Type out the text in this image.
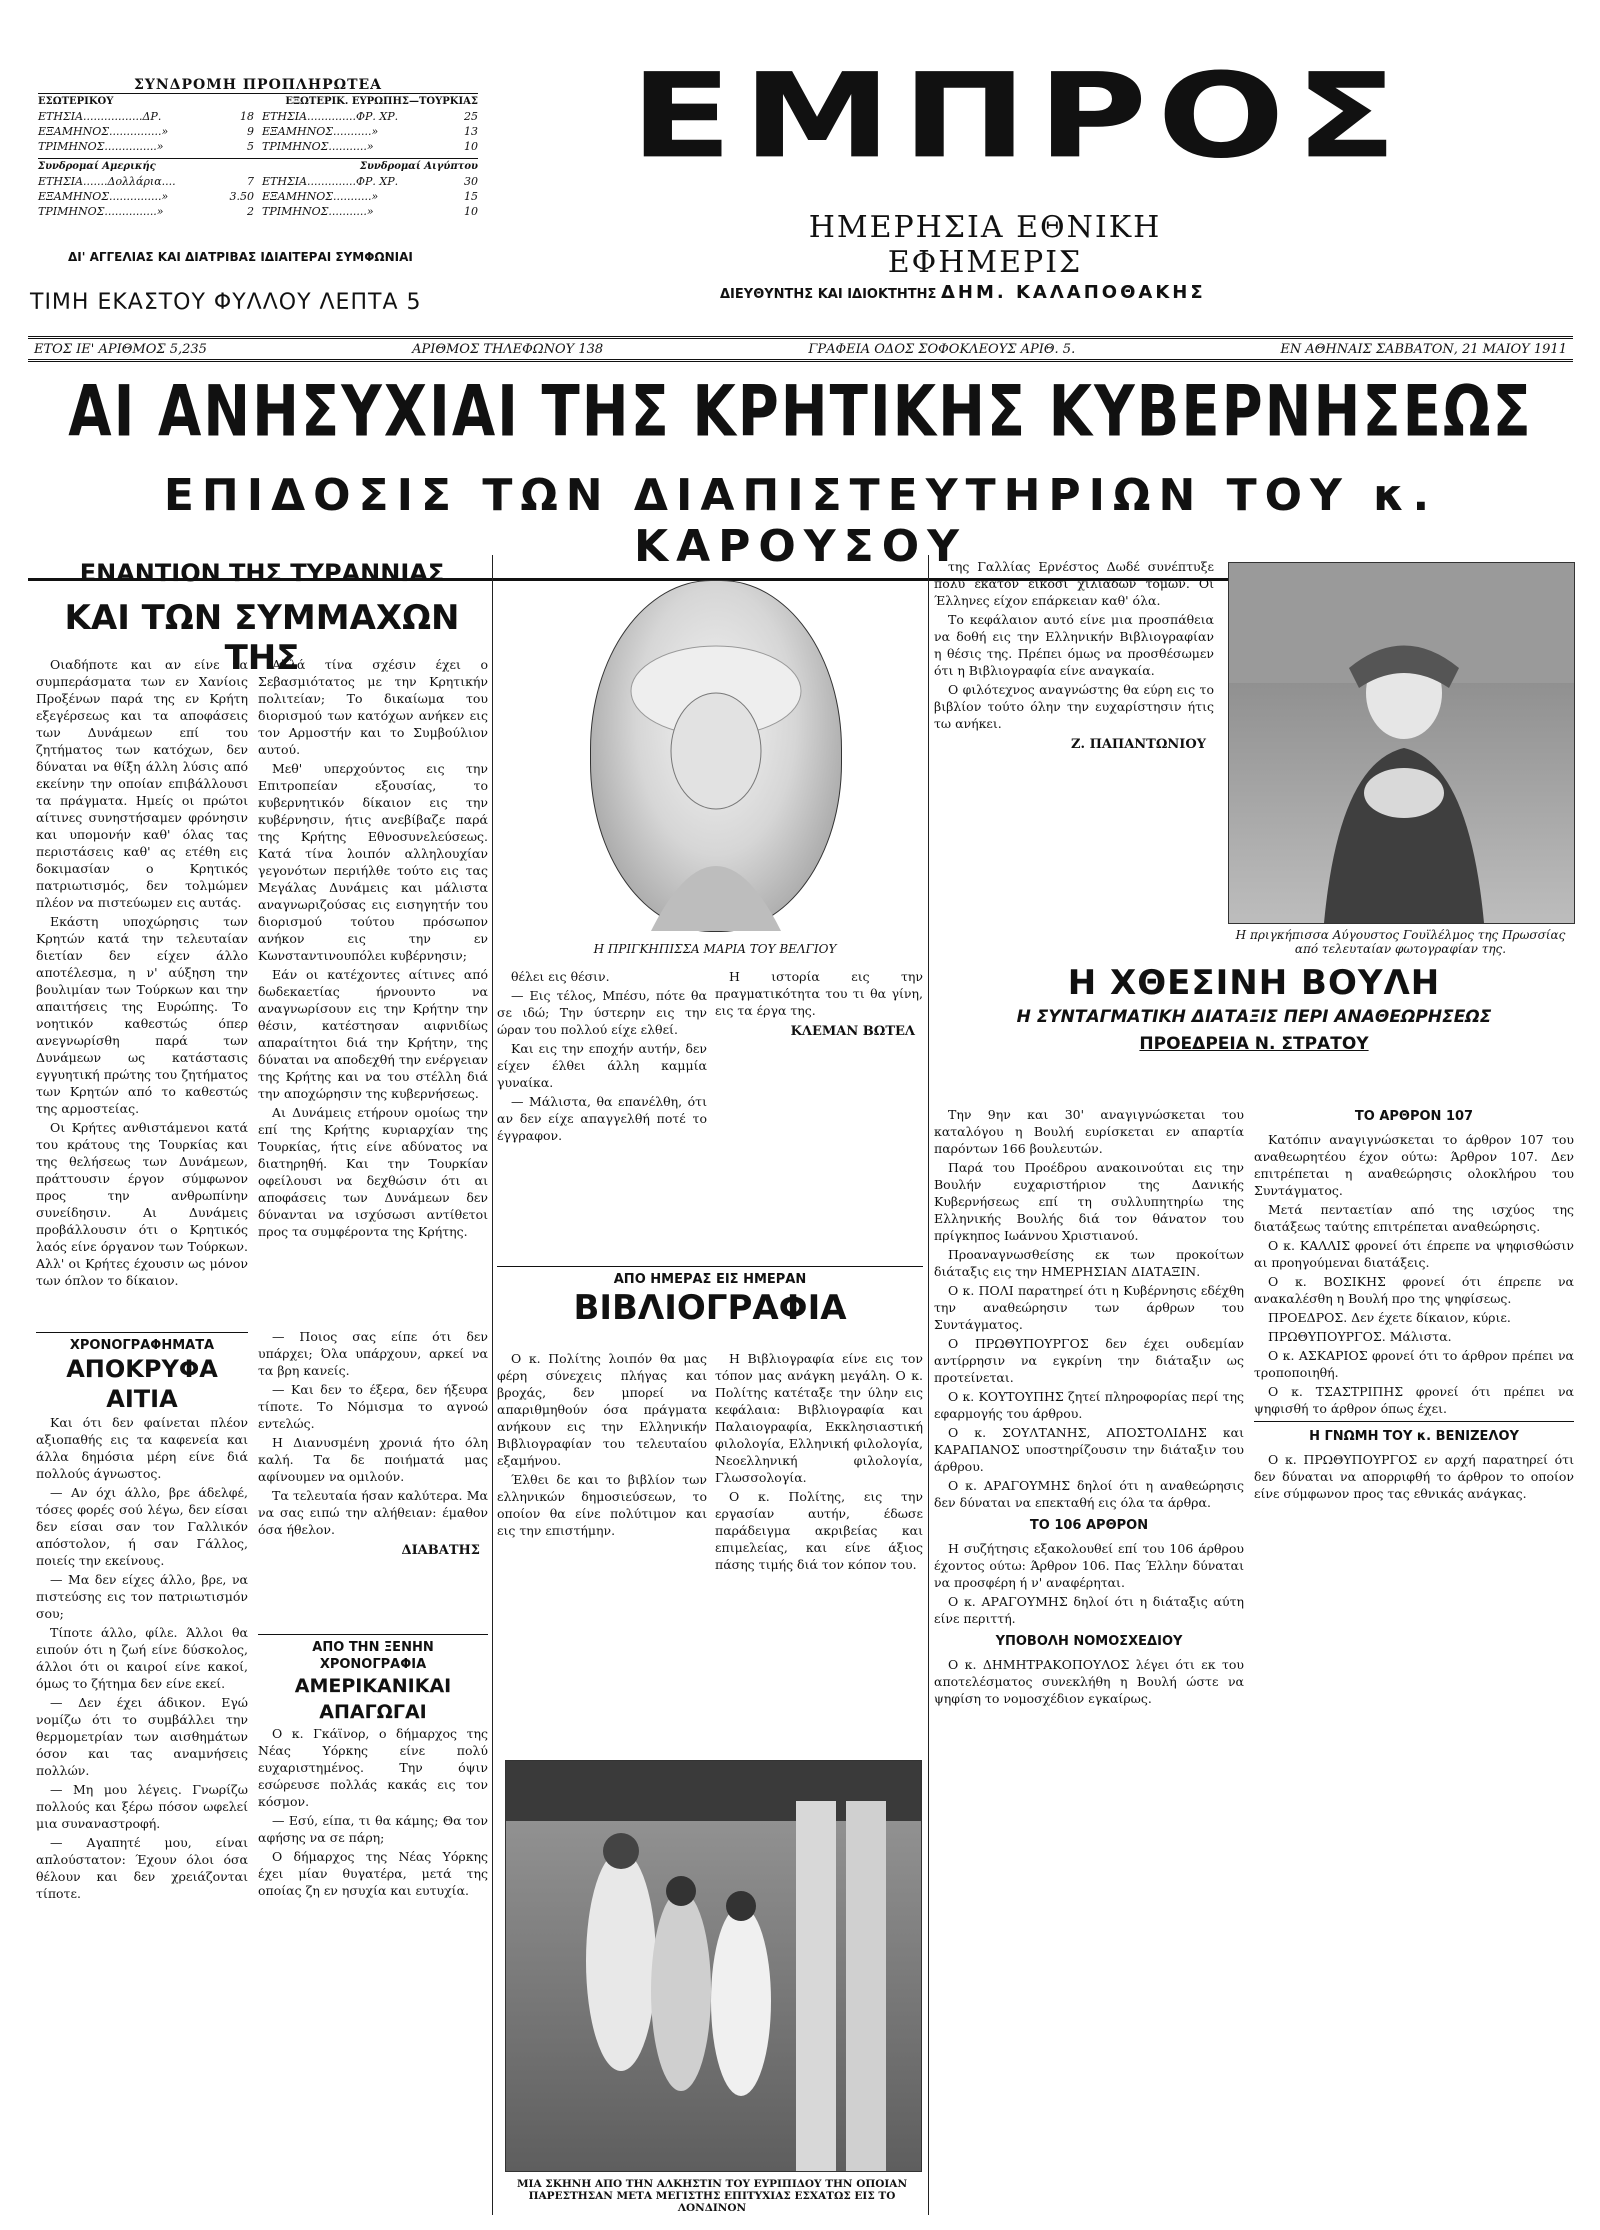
ΣΥΝΔΡΟΜΗ ΠΡΟΠΛΗΡΩΤΕΑ
ΕΣΩΤΕΡΙΚΟΥ	ΕΞΩΤΕΡΙΚ. ΕΥΡΩΠΗΣ—ΤΟΥΡΚΙΑΣ
ΕΤΗΣΙΑ.................ΔΡ.	18 ΕΤΗΣΙΑ..............ΦΡ. ΧΡ.	25
ΕΞΑΜΗΝΟΣ...............»	9 ΕΞΑΜΗΝΟΣ...........»	13
ΤΡΙΜΗΝΟΣ...............»	5 ΤΡΙΜΗΝΟΣ...........»	10
Συνδρομαί Αμερικής	Συνδρομαί Αιγύπτου
ΕΤΗΣΙΑ.......Δολλάρια....	7 ΕΤΗΣΙΑ..............ΦΡ. ΧΡ.	30
ΕΞΑΜΗΝΟΣ...............»	3.50 ΕΞΑΜΗΝΟΣ...........»	15
ΤΡΙΜΗΝΟΣ...............»	2 ΤΡΙΜΗΝΟΣ...........»	10
ΔΙ' ΑΓΓΕΛΙΑΣ ΚΑΙ ΔΙΑΤΡΙΒΑΣ ΙΔΙΑΙΤΕΡΑΙ ΣΥΜΦΩΝΙΑΙ
ΤΙΜΗ ΕΚΑΣΤΟΥ ΦΥΛΛΟΥ ΛΕΠΤΑ 5
ΕΜΠΡΟΣ
ΗΜΕΡΗΣΙΑ ΕΘΝΙΚΗ ΕΦΗΜΕΡΙΣ
ΔΙΕΥΘΥΝΤΗΣ ΚΑΙ ΙΔΙΟΚΤΗΤΗΣ ΔΗΜ. ΚΑΛΑΠΟΘΑΚΗΣ
ΕΤΟΣ ΙΕ' ΑΡΙΘΜΟΣ 5,235	ΑΡΙΘΜΟΣ ΤΗΛΕΦΩΝΟΥ 138	ΓΡΑΦΕΙΑ ΟΔΟΣ ΣΟΦΟΚΛΕΟΥΣ ΑΡΙΘ. 5.	ΕΝ ΑΘΗΝΑΙΣ ΣΑΒΒΑΤΟΝ, 21 ΜΑΙΟΥ 1911
ΑΙ ΑΝΗΣΥΧΙΑΙ ΤΗΣ ΚΡΗΤΙΚΗΣ ΚΥΒΕΡΝΗΣΕΩΣ
ΕΠΙΔΟΣΙΣ ΤΩΝ ΔΙΑΠΙΣΤΕΥΤΗΡΙΩΝ ΤΟΥ κ. ΚΑΡΟΥΣΟΥ
ΕΝΑΝΤΙΟΝ ΤΗΣ ΤΥΡΑΝΝΙΑΣ
ΚΑΙ ΤΩΝ ΣΥΜΜΑΧΩΝ ΤΗΣ

Οιαδήποτε και αν είνε τα συμπεράσματα των εν Χανίοις Προξένων παρά της εν Κρήτη εξεγέρσεως και τα αποφάσεις των Δυνάμεων επί του ζητήματος των κατόχων, δεν δύναται να θίξη άλλη λύσις από εκείνην την οποίαν επιβάλλουσι τα πράγματα. Ημείς οι πρώτοι αίτινες συνηστήσαμεν φρόνησιν και υπομονήν καθ' όλας τας περιστάσεις καθ' ας ετέθη εις δοκιμασίαν ο Κρητικός πατριωτισμός, δεν τολμώμεν πλέον να πιστεύωμεν εις αυτάς.

Εκάστη υποχώρησις των Κρητών κατά την τελευταίαν διετίαν δεν είχεν άλλο αποτέλεσμα, η ν' αύξηση την βουλιμίαν των Τούρκων και την απαιτήσεις της Ευρώπης. Το νοητικόν καθεστώς όπερ ανεγνωρίσθη παρά των Δυνάμεων ως κατάστασις εγγυητική πρώτης του ζητήματος των Κρητών από το καθεστώς της αρμοστείας.

Οι Κρήτες ανθιστάμενοι κατά του κράτους της Τουρκίας και της θελήσεως των Δυνάμεων, πράττουσιν έργον σύμφωνον προς την ανθρωπίνην συνείδησιν. Αι Δυνάμεις προβάλλουσιν ότι ο Κρητικός λαός είνε όργανον των Τούρκων. Αλλ' οι Κρήτες έχουσιν ως μόνον των όπλον το δίκαιον.

Αλλά τίνα σχέσιν έχει ο Σεβασμιότατος με την Κρητικήν πολιτείαν; Το δικαίωμα του διορισμού των κατόχων ανήκεν εις τον Αρμοστήν και το Συμβούλιον αυτού.

Μεθ' υπερχούντος εις την Επιτροπείαν εξουσίας, το κυβερνητικόν δίκαιον εις την κυβέρνησιν, ήτις ανεβίβαζε παρά της Κρήτης Εθνοσυνελεύσεως. Κατά τίνα λοιπόν αλληλουχίαν γεγονότων περιήλθε τούτο εις τας Μεγάλας Δυνάμεις και μάλιστα αναγνωριζούσας εις εισηγητήν του διορισμού τούτου πρόσωπον ανήκον εις την εν Κωνσταντινουπόλει κυβέρνησιν;

Εάν οι κατέχοντες αίτινες από δωδεκαετίας ήρνουντο να αναγνωρίσουν εις την Κρήτην την θέσιν, κατέστησαν αιφνιδίως απαραίτητοι διά την Κρήτην, της δύναται να αποδεχθή την ενέργειαν της Κρήτης και να του στέλλη διά την αποχώρησιν της κυβερνήσεως.

Αι Δυνάμεις ετήρουν ομοίως την επί της Κρήτης κυριαρχίαν της Τουρκίας, ήτις είνε αδύνατος να διατηρηθή. Και την Τουρκίαν οφείλουσι να δεχθώσιν ότι αι αποφάσεις των Δυνάμεων δεν δύνανται να ισχύσωσι αντίθετοι προς τα συμφέροντα της Κρήτης.

ΧΡΟΝΟΓΡΑΦΗΜΑΤΑ
ΑΠΟΚΡΥΦΑ ΑΙΤΙΑ

Και ότι δεν φαίνεται πλέον αξιοπαθής εις τα καφενεία και άλλα δημόσια μέρη είνε διά πολλούς άγνωστος.

— Αν όχι άλλο, βρε άδελφέ, τόσες φορές σού λέγω, δεν είσαι δεν είσαι σαν τον Γαλλικόν απόστολον, ή σαν Γάλλος, ποιείς την εκείνους.

— Μα δεν είχες άλλο, βρε, να πιστεύσης εις τον πατριωτισμόν σου;

Τίποτε άλλο, φίλε. Άλλοι θα ειπούν ότι η ζωή είνε δύσκολος, άλλοι ότι οι καιροί είνε κακοί, όμως το ζήτημα δεν είνε εκεί.

— Δεν έχει άδικον. Εγώ νομίζω ότι το συμβάλλει την θερμομετρίαν των αισθημάτων όσον και τας αναμνήσεις πολλών.

— Μη μου λέγεις. Γνωρίζω πολλούς και ξέρω πόσον ωφελεί μια συναναστροφή.

— Αγαπητέ μου, είναι απλούστατον: Έχουν όλοι όσα θέλουν και δεν χρειάζονται τίποτε.

— Ποιος σας είπε ότι δεν υπάρχει; Όλα υπάρχουν, αρκεί να τα βρη κανείς.

— Και δεν το έξερα, δεν ήξευρα τίποτε. Το Νόμισμα το αγνοώ εντελώς.

Η Διανυσμένη χρονιά ήτο όλη καλή. Τα δε ποιήματά μας αφίνουμεν να ομιλούν.

Τα τελευταία ήσαν καλύτερα. Μα να σας ειπώ την αλήθειαν: έμαθον όσα ήθελον.

ΔΙΑΒΑΤΗΣ
ΑΠΟ ΤΗΝ ΞΕΝΗΝ ΧΡΟΝΟΓΡΑΦΙΑ
ΑΜΕΡΙΚΑΝΙΚΑΙ ΑΠΑΓΩΓΑΙ

Ο κ. Γκάϊνορ, ο δήμαρχος της Νέας Υόρκης είνε πολύ ευχαριστημένος. Την όψιν εσώρευσε πολλάς κακάς εις τον κόσμον.

— Εσύ, είπα, τι θα κάμης; Θα τον αφήσης να σε πάρη;

Ο δήμαρχος της Νέας Υόρκης έχει μίαν θυγατέρα, μετά της οποίας ζη εν ησυχία και ευτυχία.

Η ΠΡΙΓΚΗΠΙΣΣΑ ΜΑΡΙΑ ΤΟΥ ΒΕΛΓΙΟΥ

θέλει εις θέσιν.

— Εις τέλος, Μπέσυ, πότε θα σε ιδώ; Την ύστερην εις την ώραν του πολλού είχε ελθεί.

Και εις την εποχήν αυτήν, δεν είχεν έλθει άλλη καμμία γυναίκα.

— Μάλιστα, θα επανέλθη, ότι αν δεν είχε απαγγελθή ποτέ το έγγραφον.

Η ιστορία εις την πραγματικότητα του τι θα γίνη, εις τα έργα της.

ΚΛΕΜΑΝ ΒΩΤΕΛ
ΑΠΟ ΗΜΕΡΑΣ ΕΙΣ ΗΜΕΡΑΝ
ΒΙΒΛΙΟΓΡΑΦΙΑ

Ο κ. Πολίτης λοιπόν θα μας φέρη σύνεχεις πλήγας και βροχάς, δεν μπορεί να απαριθμηθούν όσα πράγματα ανήκουν εις την Ελληνικήν Βιβλιογραφίαν του τελευταίου εξαμήνου.

Έλθει δε και το βιβλίον των ελληνικών δημοσιεύσεων, το οποίον θα είνε πολύτιμον και εις την επιστήμην.

Η Βιβλιογραφία είνε εις τον τόπον μας ανάγκη μεγάλη. Ο κ. Πολίτης κατέταξε την ύλην εις κεφάλαια: Βιβλιογραφία και Παλαιογραφία, Εκκλησιαστική φιλολογία, Ελληνική φιλολογία, Νεοελληνική φιλολογία, Γλωσσολογία.

Ο κ. Πολίτης, εις την εργασίαν αυτήν, έδωσε παράδειγμα ακριβείας και επιμελείας, και είνε άξιος πάσης τιμής διά τον κόπον του.

ΜΙΑ ΣΚΗΝΗ ΑΠΟ ΤΗΝ ΑΛΚΗΣΤΙΝ ΤΟΥ ΕΥΡΙΠΙΔΟΥ ΤΗΝ ΟΠΟΙΑΝ ΠΑΡΕΣΤΗΣΑΝ ΜΕΤΑ ΜΕΓΙΣΤΗΣ ΕΠΙΤΥΧΙΑΣ ΕΣΧΑΤΩΣ ΕΙΣ ΤΟ ΛΟΝΔΙΝΟΝ

της Γαλλίας Ερνέστος Δωδέ συνέπτυξε πολύ εκατόν είκοσι χιλιάδων τόμων. Οι Έλληνες είχον επάρκειαν καθ' όλα.

Το κεφάλαιον αυτό είνε μια προσπάθεια να δοθή εις την Ελληνικήν Βιβλιογραφίαν η θέσις της. Πρέπει όμως να προσθέσωμεν ότι η Βιβλιογραφία είνε αναγκαία.

Ο φιλότεχνος αναγνώστης θα εύρη εις το βιβλίον τούτο όλην την ευχαρίστησιν ήτις τω ανήκει.

Ζ. ΠΑΠΑΝΤΩΝΙΟΥ
Η πριγκήπισσα Αύγουστος Γουϊλέλμος της Πρωσσίας από τελευταίαν φωτογραφίαν της.
Η ΧΘΕΣΙΝΗ ΒΟΥΛΗ
Η ΣΥΝΤΑΓΜΑΤΙΚΗ ΔΙΑΤΑΞΙΣ ΠΕΡΙ ΑΝΑΘΕΩΡΗΣΕΩΣ
ΠΡΟΕΔΡΕΙΑ Ν. ΣΤΡΑΤΟΥ

Την 9ην και 30' αναγιγνώσκεται του καταλόγου η Βουλή ευρίσκεται εν απαρτία παρόντων 166 βουλευτών.

Παρά του Προέδρου ανακοινούται εις την Βουλήν ευχαριστήριον της Δανικής Κυβερνήσεως επί τη συλλυπητηρίω της Ελληνικής Βουλής διά τον θάνατον του πρίγκηπος Ιωάννου Χριστιανού.

Προαναγνωσθείσης εκ των προκοίτων διάταξις εις την ΗΜΕΡΗΣΙΑΝ ΔΙΑΤΑΞΙΝ.

Ο κ. ΠΟΛΙ παρατηρεί ότι η Κυβέρνησις εδέχθη την αναθεώρησιν των άρθρων του Συντάγματος.

Ο ΠΡΩΘΥΠΟΥΡΓΟΣ δεν έχει ουδεμίαν αντίρρησιν να εγκρίνη την διάταξιν ως προτείνεται.

Ο κ. ΚΟΥΤΟΥΠΗΣ ζητεί πληροφορίας περί της εφαρμογής του άρθρου.

Ο κ. ΣΟΥΛΤΑΝΗΣ, ΑΠΟΣΤΟΛΙΔΗΣ και ΚΑΡΑΠΑΝΟΣ υποστηρίζουσιν την διάταξιν του άρθρου.

Ο κ. ΑΡΑΓΟΥΜΗΣ δηλοί ότι η αναθεώρησις δεν δύναται να επεκταθή εις όλα τα άρθρα.

ΤΟ 106 ΑΡΘΡΟΝ

Η συζήτησις εξακολουθεί επί του 106 άρθρου έχοντος ούτω: Άρθρον 106. Πας Έλλην δύναται να προσφέρη ή ν' αναφέρηται.

Ο κ. ΑΡΑΓΟΥΜΗΣ δηλοί ότι η διάταξις αύτη είνε περιττή.

ΥΠΟΒΟΛΗ ΝΟΜΟΣΧΕΔΙΟΥ

Ο κ. ΔΗΜΗΤΡΑΚΟΠΟΥΛΟΣ λέγει ότι εκ του αποτελέσματος συνεκλήθη η Βουλή ώστε να ψηφίση το νομοσχέδιον εγκαίρως.

ΤΟ ΑΡΘΡΟΝ 107

Κατόπιν αναγιγνώσκεται το άρθρον 107 του αναθεωρητέου έχον ούτω: Άρθρον 107. Δεν επιτρέπεται η αναθεώρησις ολοκλήρου του Συντάγματος.

Μετά πενταετίαν από της ισχύος της διατάξεως ταύτης επιτρέπεται αναθεώρησις.

Ο κ. ΚΑΛΛΙΣ φρονεί ότι έπρεπε να ψηφισθώσιν αι προηγούμεναι διατάξεις.

Ο κ. ΒΟΣΙΚΗΣ φρονεί ότι έπρεπε να ανακαλέσθη η Βουλή προ της ψηφίσεως.

ΠΡΟΕΔΡΟΣ. Δεν έχετε δίκαιον, κύριε.

ΠΡΩΘΥΠΟΥΡΓΟΣ. Μάλιστα.

Ο κ. ΑΣΚΑΡΙΟΣ φρονεί ότι το άρθρον πρέπει να τροποποιηθή.

Ο κ. ΤΣΑΣΤΡΙΠΗΣ φρονεί ότι πρέπει να ψηφισθή το άρθρον όπως έχει.

Η ΓΝΩΜΗ ΤΟΥ κ. ΒΕΝΙΖΕΛΟΥ

Ο κ. ΠΡΩΘΥΠΟΥΡΓΟΣ εν αρχή παρατηρεί ότι δεν δύναται να απορριφθή το άρθρον το οποίον είνε σύμφωνον προς τας εθνικάς ανάγκας.
